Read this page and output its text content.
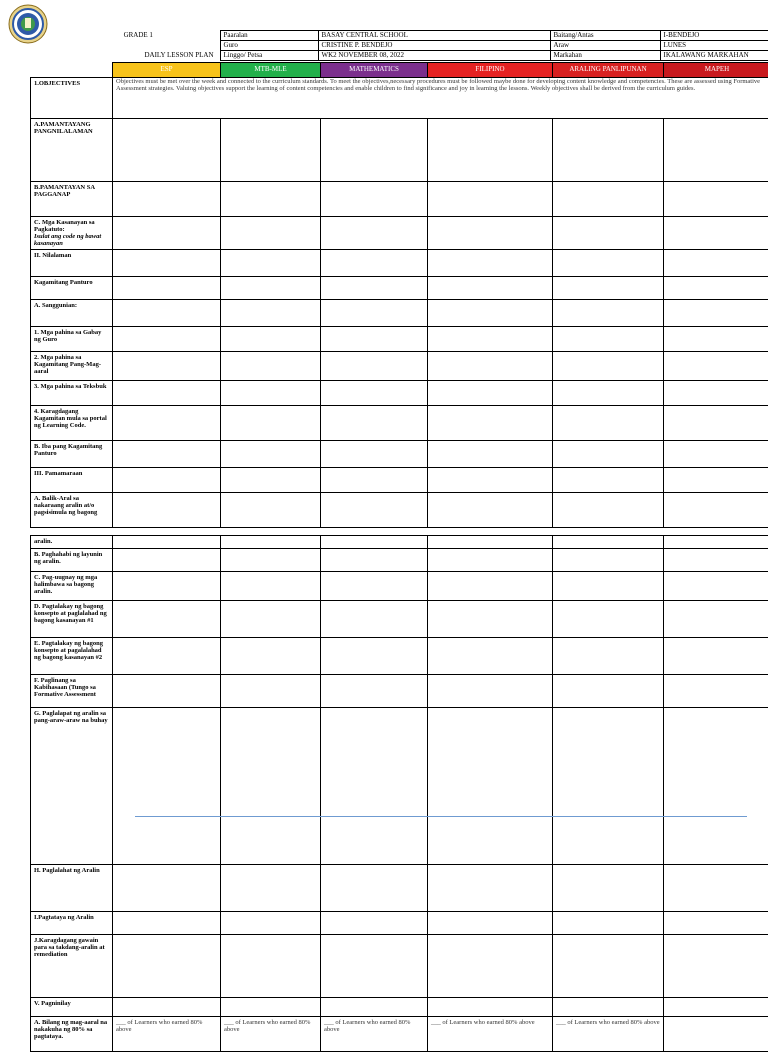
GRADE 1	Paaralan	BASAY CENTRAL SCHOOL	Baitang/Antas	I-BENDEJO
	Guro	CRISTINE P. BENDEJO	Araw	LUNES
DAILY LESSON PLAN	Linggo/ Petsa	WK2 NOVEMBER 08, 2022	Markahan	IKALAWANG MARKAHAN
	ESP	MTB-MLE	MATHEMATICS	FILIPINO	ARALING PANLIPUNAN	MAPEH
1.OBJECTIVES	Objectives must be met over the week and connected to the curriculum standards. To meet the objectives,necessary procedures must be followed maybe done for developing content knowledge and competencies. These are assessed using Formative Assessment strategies. Valuing objectives support the learning of content competencies and enable children to find significance and joy in learning the lessons. Weekly objectives shall be derived from the curriculum guides.					
A.PAMANTAYANG PANGNILALAMAN						
B.PAMANTAYAN SA PAGGANAP						
C. Mga Kasanayan sa Pagkatuto:
Isulat ang code ng bawat kasanayan						

II. Nilalaman						
Kagamitang Panturo						
A. Sanggunian:						
1. Mga pahina sa Gabay ng Guro						
2. Mga pahina sa Kagamitang Pang-Mag-aaral						
3. Mga pahina sa Teksbuk						
4. Karagdagang Kagamitan mula sa portal ng Learning Code.						
B. Iba pang Kagamitang Panturo						
III. Pamamaraan						
A. Balik-Aral sa nakaraang aralin at/o pagsisimula ng bagong						
aralin.						
B. Paghahabi ng layunin ng aralin.						
C. Pag-uugnay ng mga halimbawa sa bagong aralin.						
D. Pagtalakay ng bagong konsepto at paglalahad ng bagong kasanayan #1						
E. Pagtalakay ng bagong konsepto at pagalalahad ng bagong kasanayan #2						
F. Paglinang sa Kabihasaan (Tungo sa Formative Assessment						
G. Paglalapat ng aralin sa pang-araw-araw na buhay						
H. Paglalahat ng Aralin						
I.Pagtataya ng Aralin						
J.Karagdagang gawain para sa takdang-aralin at remediation						
V. Pagninilay						
A. Bilang ng mag-aaral na nakakuha ng 80% sa pagtataya.	___ of Learners who earned 80% above	___ of Learners who earned 80% above	___ of Learners who earned 80% above	___ of Learners who earned 80% above	___ of Learners who earned 80% above	
